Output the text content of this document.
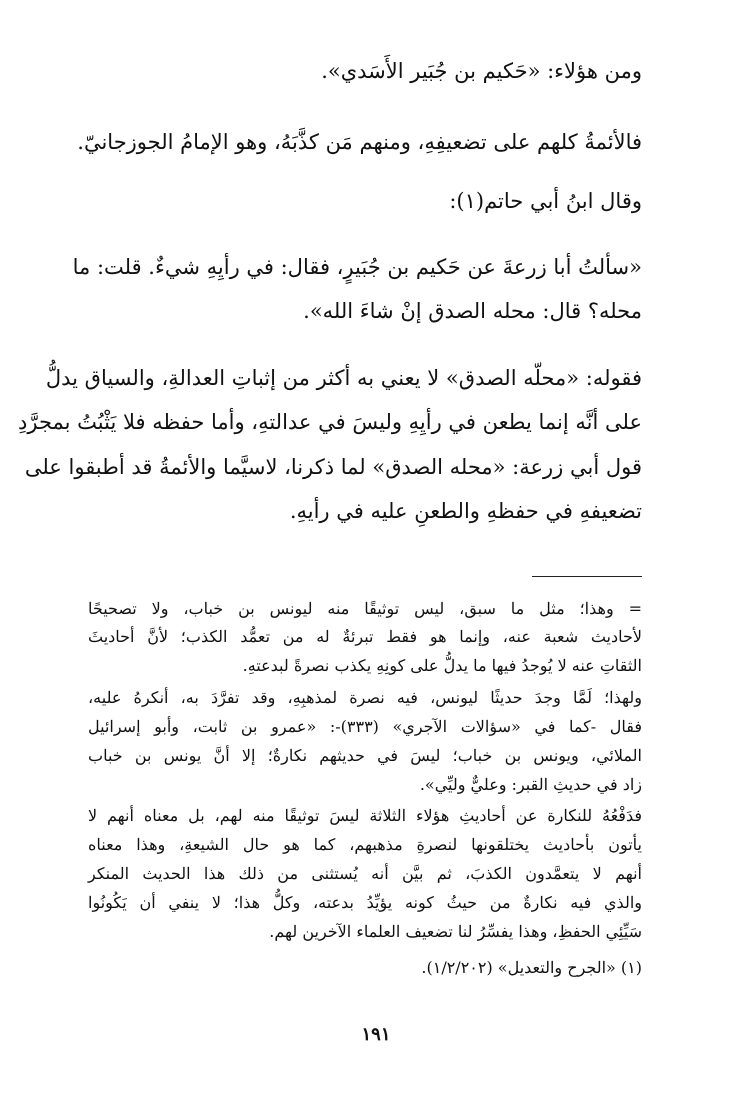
ومن هؤلاء: «حَكيم بن جُبَير الأَسَدي».
فالأئمةُ كلهم على تضعيفِهِ، ومنهم مَن كذَّبَهُ، وهو الإمامُ الجوزجانيّ.
وقال ابنُ أبي حاتم(١):
«سألتُ أبا زرعةَ عن حَكيم بن جُبَيرٍ، فقال: في رأيِهِ شيءٌ. قلت: ما
محله؟ قال: محله الصدق إنْ شاءَ الله».
فقوله: «محلّه الصدق» لا يعني به أكثر من إثباتِ العدالةِ، والسياق يدلُّ
على أنَّه إنما يطعن في رأيِهِ وليسَ في عدالتهِ، وأما حفظه فلا يَثْبُتُ بمجرَّدِ
قول أبي زرعة: «محله الصدق» لما ذكرنا، لاسيَّما والأئمةُ قد أطبقوا على
تضعيفهِ في حفظهِ والطعنِ عليه في رأيهِ.
= وهذا؛ مثل ما سبق، ليس توثيقًا منه ليونس بن خباب، ولا تصحيحًا
لأحاديث شعبة عنه، وإنما هو فقط تبرئةٌ له من تعمُّد الكذب؛ لأنَّ أحاديثَ
الثقاتِ عنه لا يُوجدُ فيها ما يدلُّ على كونِهِ يكذب نصرةً لبدعتهِ.
ولهذا؛ لَمَّا وجدَ حديثًا ليونس، فيه نصرة لمذهبِهِ، وقد تفرَّدَ به، أنكرهُ عليه،
فقال -كما في «سؤالات الآجري» (٣٣٣)-: «عمرو بن ثابت، وأبو إسرائيل
الملائي، ويونس بن خباب؛ ليسَ في حديثهم نكارةٌ؛ إلا أنَّ يونس بن خباب
زاد في حديثِ القبر: وعليٌّ وليِّي».
فدَفْعُهُ للنكارة عن أحاديثِ هؤلاء الثلاثة ليسَ توثيقًا منه لهم، بل معناه أنهم لا
يأتون بأحاديث يختلقونها لنصرةِ مذهبهم، كما هو حال الشيعةِ، وهذا معناه
أنهم لا يتعمَّدون الكذبَ، ثم بيَّن أنه يُستثنى من ذلك هذا الحديث المنكر
والذي فيه نكارةٌ من حيثُ كونه يؤيِّدُ بدعته، وكلُّ هذا؛ لا ينفي أن يَكُونُوا
سَيِّئِي الحفظِ، وهذا يفسِّرُ لنا تضعيف العلماء الآخرين لهم.
(١) «الجرح والتعديل» (١/٢/٢٠٢).
١٩١
